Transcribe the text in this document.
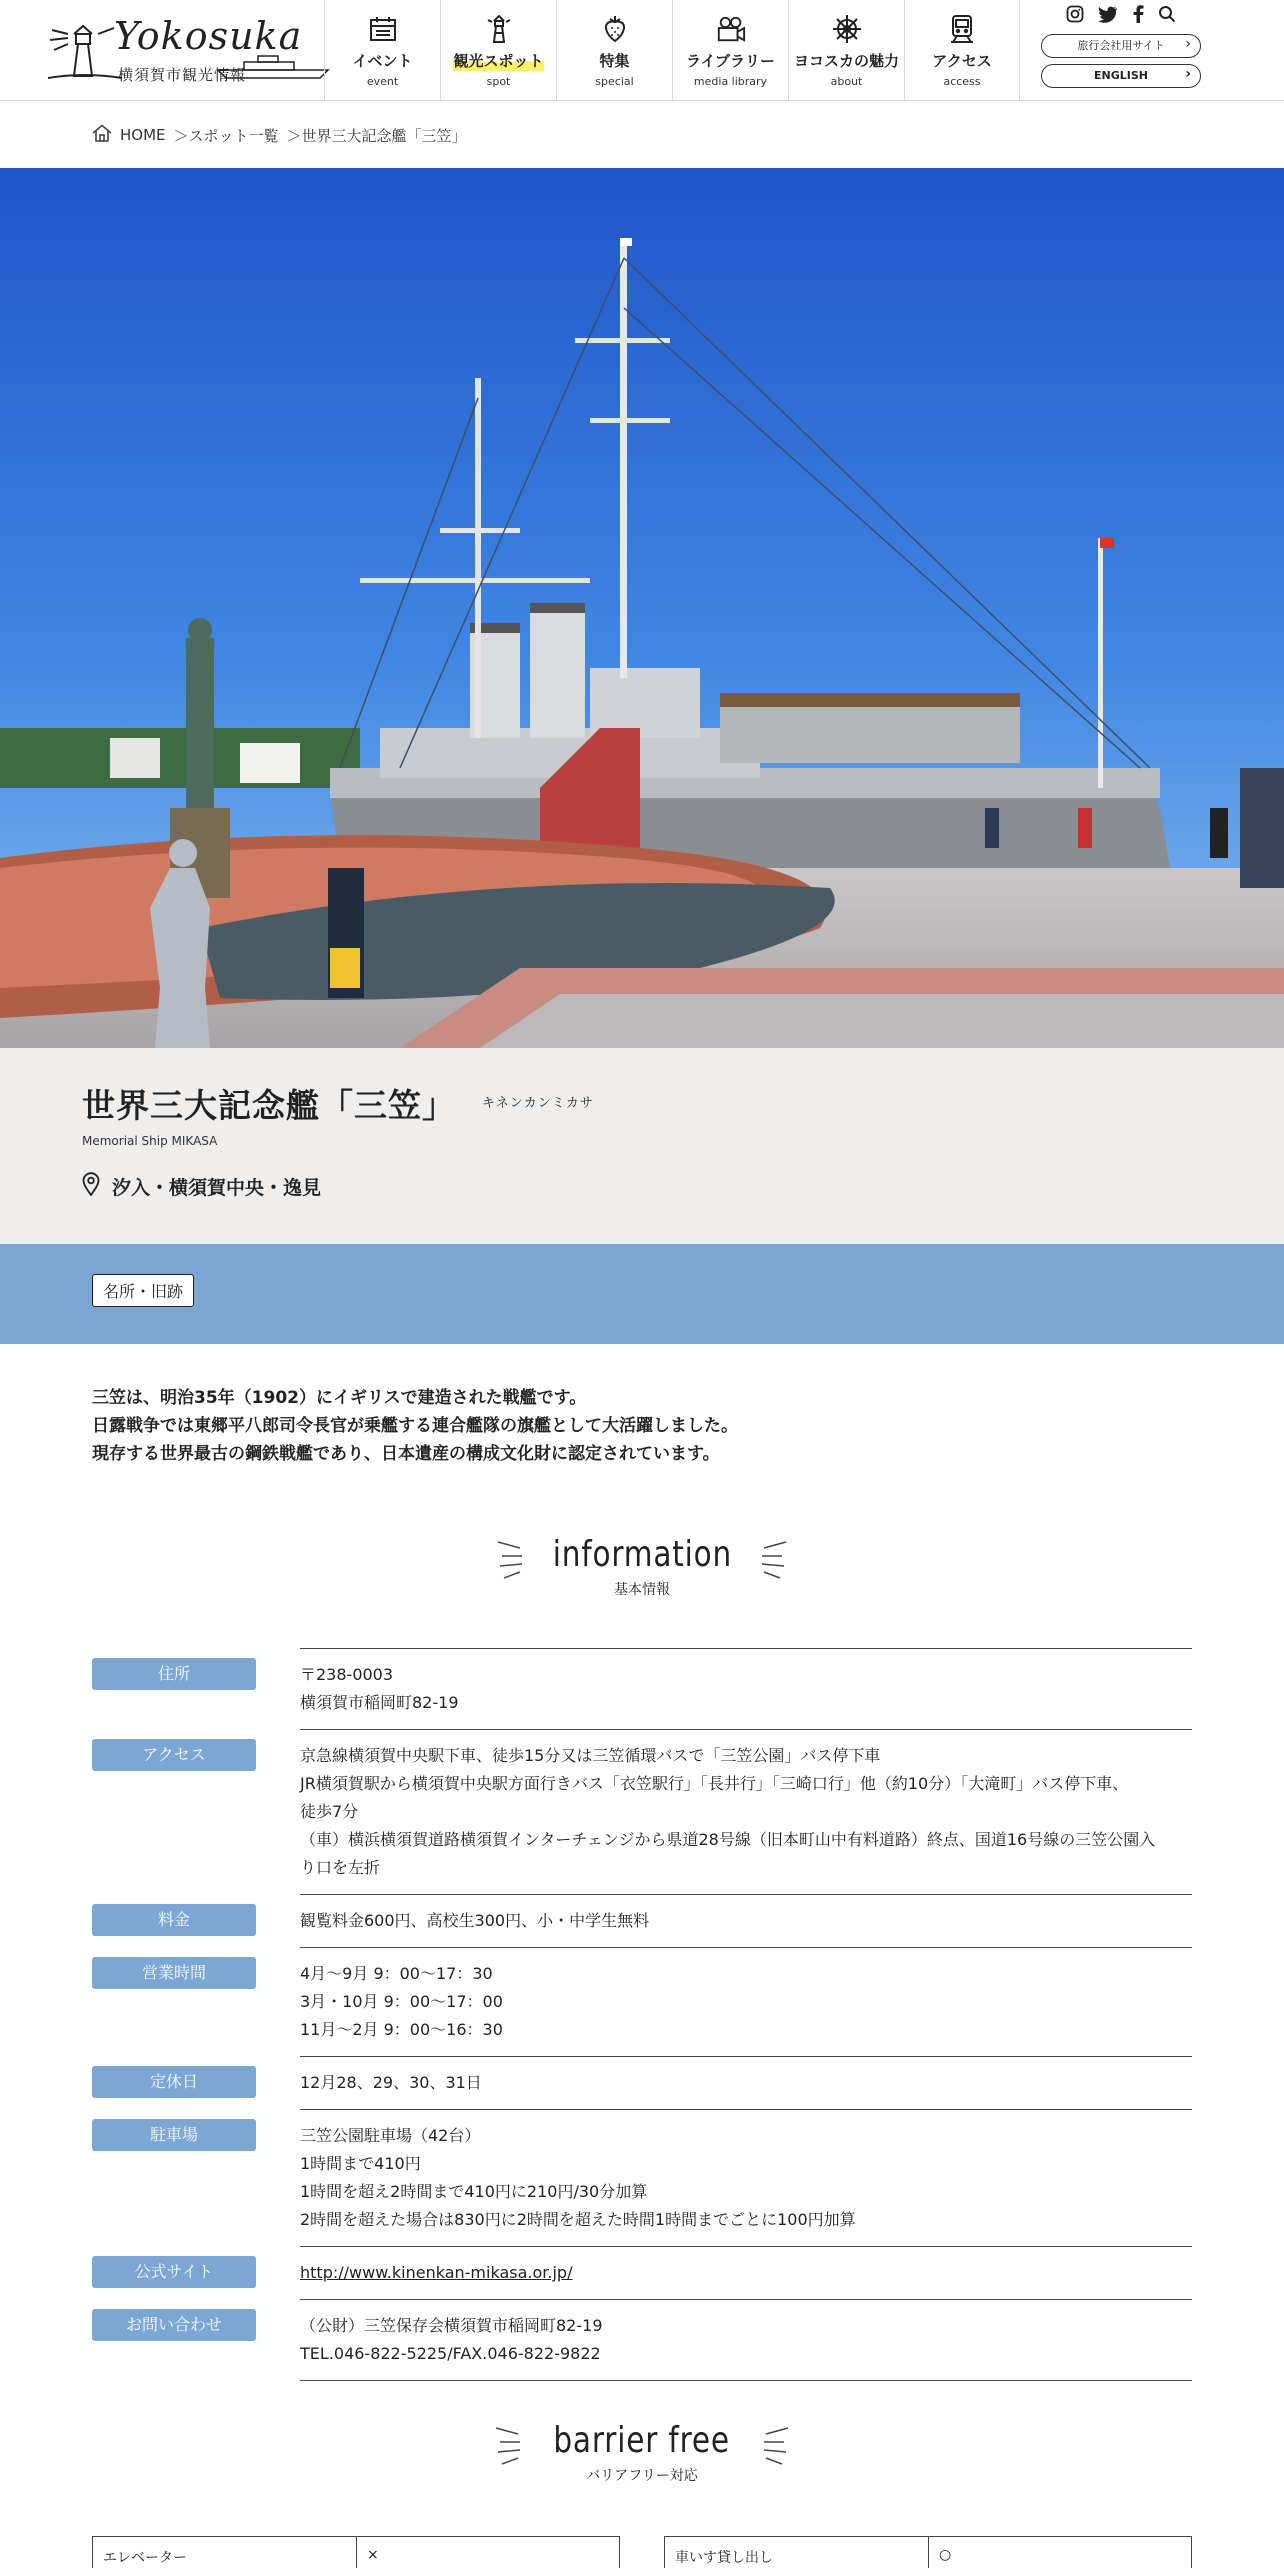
Yokosuka
横須賀市観光情報
イベント
event
観光スポット
spot
特集
special
ライブラリー
media library
ヨコスカの魅力
about
アクセス
access
旅行会社用サイト ›
ENGLISH ›
HOME ＞スポット一覧 ＞世界三大記念艦「三笠」
世界三大記念艦「三笠」 キネンカンミカサ
Memorial Ship MIKASA
汐入・横須賀中央・逸見
名所・旧跡

三笠は、明治35年（1902）にイギリスで建造された戦艦です。

日露戦争では東郷平八郎司令長官が乗艦する連合艦隊の旗艦として大活躍しました。

現存する世界最古の鋼鉄戦艦であり、日本遺産の構成文化財に認定されています。

information
基本情報
住所	〒238-0003
横須賀市稲岡町82-19
アクセス	京急線横須賀中央駅下車、徒歩15分又は三笠循環バスで「三笠公園」バス停下車
JR横須賀駅から横須賀中央駅方面行きバス「衣笠駅行」「長井行」「三崎口行」他（約10分）「大滝町」バス停下車、
徒歩7分
（車）横浜横須賀道路横須賀インターチェンジから県道28号線（旧本町山中有料道路）終点、国道16号線の三笠公園入
り口を左折
料金	観覧料金600円、高校生300円、小・中学生無料
営業時間	4月〜9月 9：00〜17：30
3月・10月 9：00〜17：00
11月〜2月 9：00〜16：30
定休日	12月28、29、30、31日
駐車場	三笠公園駐車場（42台）
1時間まで410円
1時間を超え2時間まで410円に210円/30分加算
2時間を超えた場合は830円に2時間を超えた時間1時間までごとに100円加算
公式サイト	http://www.kinenkan-mikasa.or.jp/
お問い合わせ	（公財）三笠保存会横須賀市稲岡町82-19
TEL.046-822-5225/FAX.046-822-9822
barrier free
バリアフリー対応
エレベーター	×	車いす貸し出し	○
